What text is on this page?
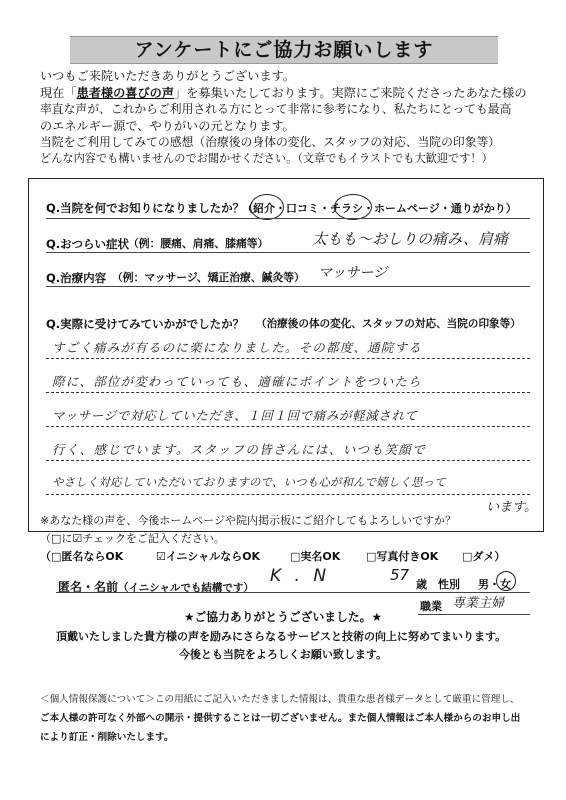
アンケートにご協力お願いします
いつもご来院いただきありがとうございます。
現在「患者様の喜びの声」を募集いたしております。実際にご来院くださったあなた様の
率直な声が、これからご利用される方にとって非常に参考になり、私たちにとっても最高
のエネルギー源で、やりがいの元となります。
当院をご利用してみての感想（治療後の身体の変化、スタッフの対応、当院の印象等）
どんな内容でも構いませんのでお聞かせください。（文章でもイラストでも大歓迎です！）
Q.当院を何でお知りになりましたか？
（紹介・口コミ・チラシ・ホームページ・通りがかり）
Q.おつらい症状
（例：腰痛、肩痛、膝痛等）	太もも〜おしりの痛み、肩痛
Q.治療内容 （例：マッサージ、矯正治療、鍼灸等） マッサージ
Q.実際に受けてみていかがでしたか？ （治療後の体の変化、スタッフの対応、当院の印象等）
すごく痛みが有るのに楽になりました。その都度、通院する
際に、部位が変わっていっても、適確にポイントをついたら
マッサージで対応していただき、１回１回で痛みが軽減されて
行く、感じでいます。スタッフの皆さんには、いつも笑顔で
やさしく対応していただいておりますので、いつも心が和んで嬉しく思って
います。
※あなた様の声を、今後ホームページや院内掲示板にご紹介してもよろしいですか？
（□に☑チェックをご記入ください。
（□匿名ならOK	☑イニシャルならOK	□実名OK □写真付きOK □ダメ）
匿名・名前（イニシャルでも結構です）
K . N	57
歳 性別 男・女
職業 専業主婦
★ご協力ありがとうございました。★
頂戴いたしました貴方様の声を励みにさらなるサービスと技術の向上に努めてまいります。
今後とも当院をよろしくお願い致します。
＜個人情報保護について＞この用紙にご記入いただきました情報は、貴重な患者様データとして厳重に管理し、
ご本人様の許可なく外部への開示・提供することは一切ございません。また個人情報はご本人様からのお申し出
により訂正・削除いたします。
